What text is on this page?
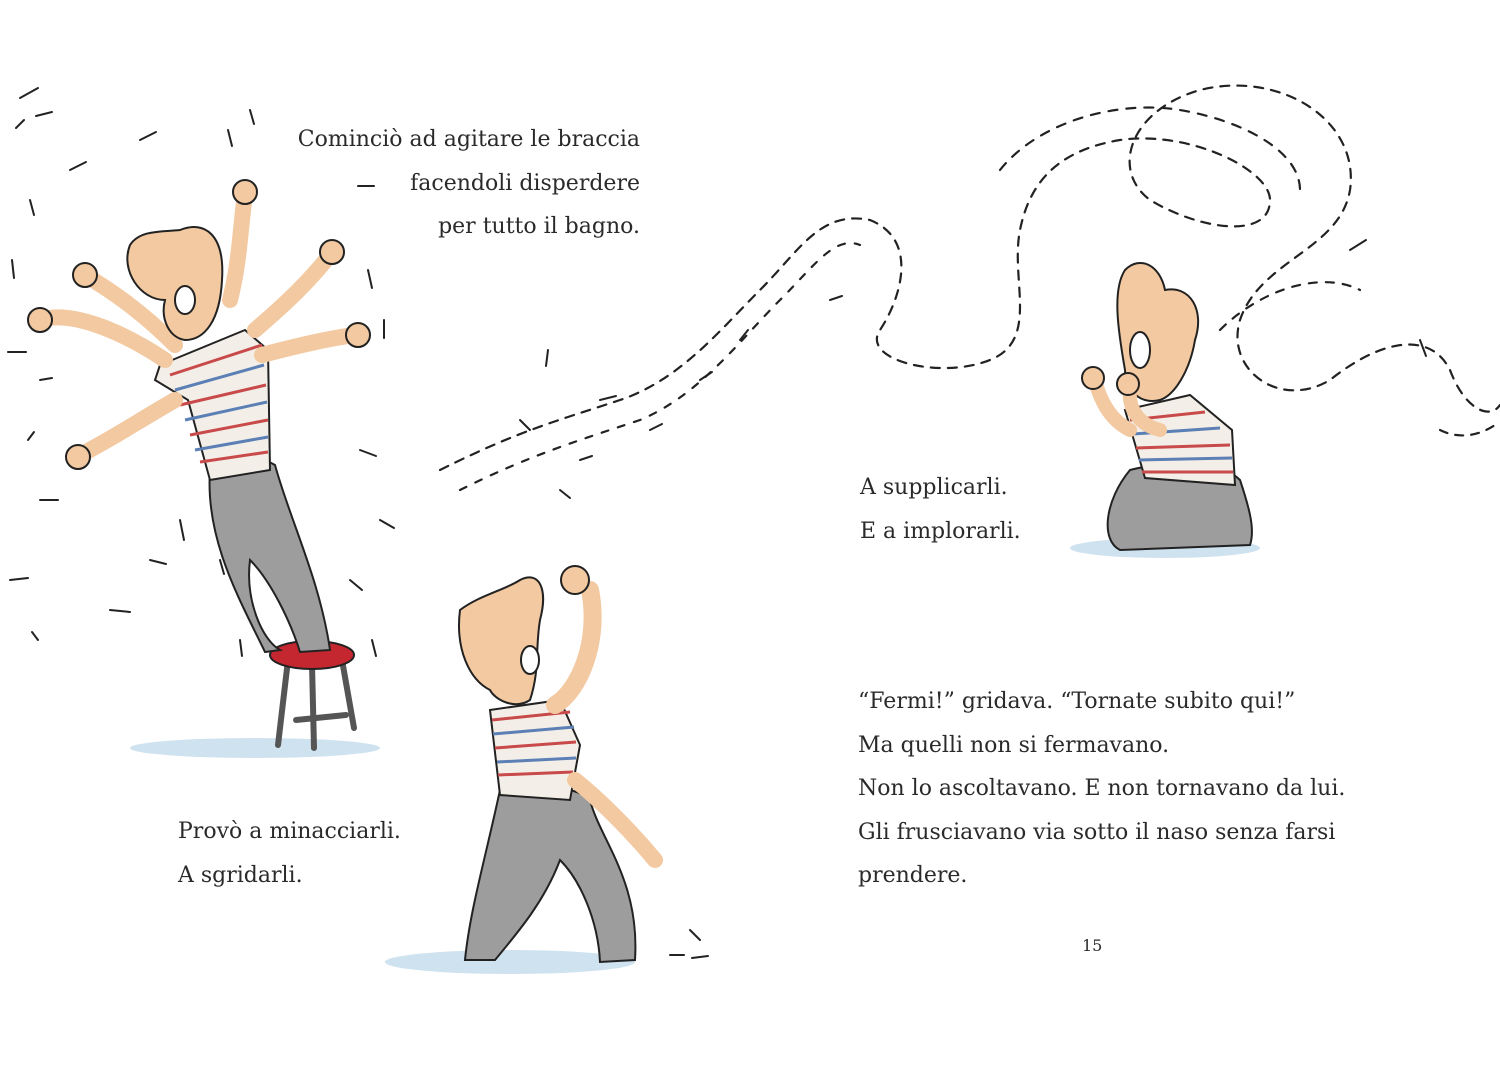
Cominciò ad agitare le braccia
facendoli disperdere
per tutto il bagno.
Provò a minacciarli.
A sgridarli.
A supplicarli.
E a implorarli.
“Fermi!” gridava. “Tornate subito qui!”
Ma quelli non si fermavano.
Non lo ascoltavano. E non tornavano da lui.
Gli frusciavano via sotto il naso senza farsi
prendere.
15
